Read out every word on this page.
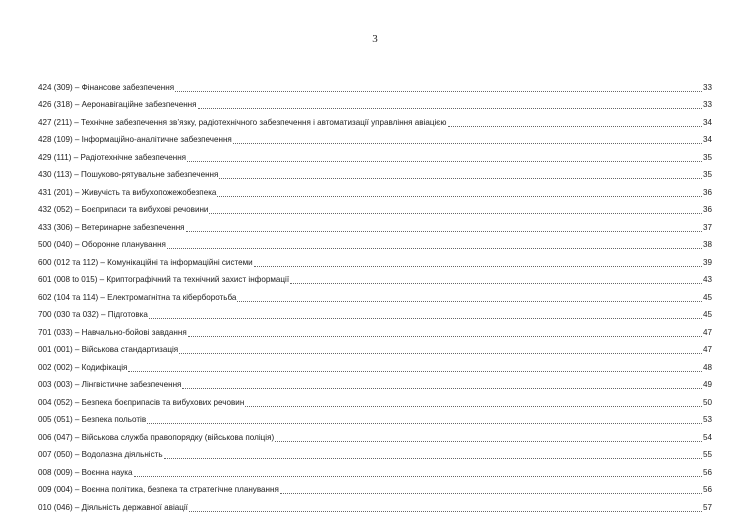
3
424 (309) – Фінансове забезпечення	33
426 (318) – Аеронавігаційне забезпечення	33
427 (211) – Технічне забезпечення зв’язку, радіотехнічного забезпечення і автоматизації управління авіацією	34
428 (109) – Інформаційно-аналітичне забезпечення	34
429 (111) – Радіотехнічне забезпечення	35
430 (113) – Пошуково-рятувальне забезпечення	35
431 (201) – Живучість та вибухопожежобезпека	36
432 (052) – Боєприпаси та вибухові речовини	36
433 (306) – Ветеринарне забезпечення	37
500 (040) – Оборонне планування	38
600 (012 та 112) – Комунікаційні та інформаційні системи	39
601 (008 to 015) – Криптографічний та технічний захист інформації	43
602 (104 та 114) – Електромагнітна та кіберборотьба	45
700 (030 та 032) – Підготовка	45
701 (033) – Навчально-бойові завдання	47
001 (001) – Військова стандартизація	47
002 (002) – Кодифікація	48
003 (003) – Лінгвістичне забезпечення	49
004 (052) – Безпека боєприпасів та вибухових речовин	50
005 (051) – Безпека польотів	53
006 (047) – Військова служба правопорядку (військова поліція)	54
007 (050) – Водолазна діяльність	55
008 (009) – Воєнна наука	56
009 (004) – Воєнна політика, безпека та стратегічне планування	56
010 (046) – Діяльність державної авіації	57
